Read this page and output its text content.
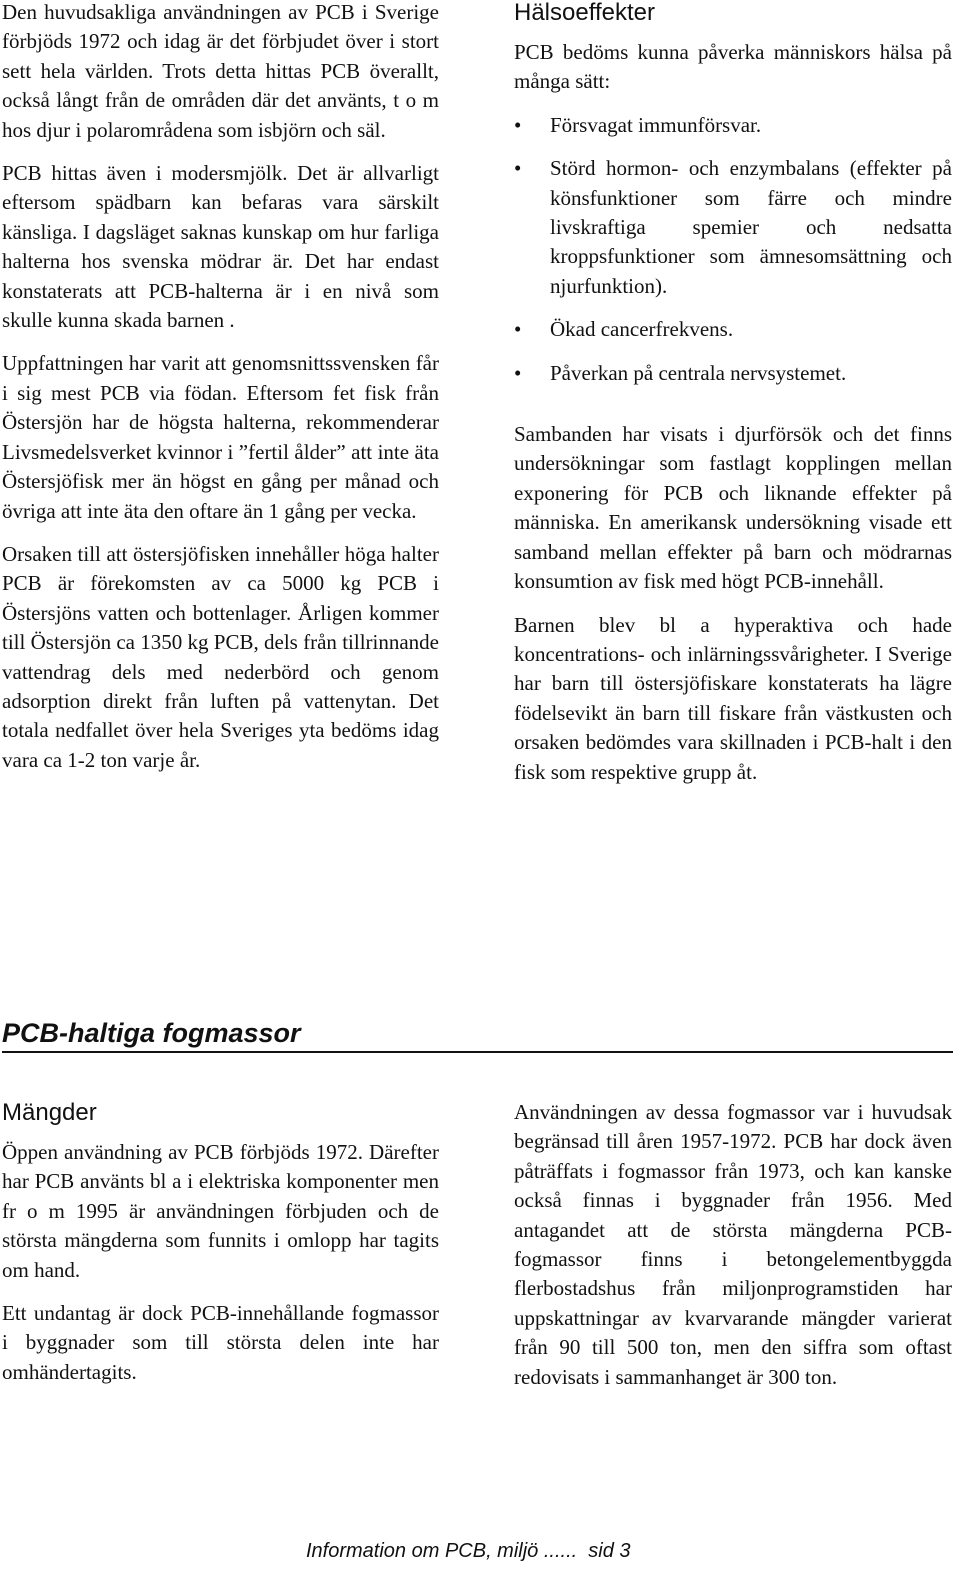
Den huvudsakliga användningen av PCB i Sverige förbjöds 1972 och idag är det förbjudet över i stort sett hela världen. Trots detta hittas PCB överallt, också långt från de områden där det använts, t o m hos djur i polarområdena som isbjörn och säl.

PCB hittas även i modersmjölk. Det är allvarligt eftersom spädbarn kan befaras vara särskilt känsliga. I dagsläget saknas kunskap om hur farliga halterna hos svenska mödrar är. Det har endast konstaterats att PCB-halterna är i en nivå som skulle kunna skada barnen .

Uppfattningen har varit att genomsnittssvensken får i sig mest PCB via födan. Eftersom fet fisk från Östersjön har de högsta halterna, rekommenderar Livsmedelsverket kvinnor i ”fertil ålder” att inte äta Östersjöfisk mer än högst en gång per månad och övriga att inte äta den oftare än 1 gång per vecka.

Orsaken till att östersjöfisken innehåller höga halter PCB är förekomsten av ca 5000 kg PCB i Östersjöns vatten och bottenlager. Årligen kommer till Östersjön ca 1350 kg PCB, dels från tillrinnande vattendrag dels med nederbörd och genom adsorption direkt från luften på vattenytan. Det totala nedfallet över hela Sveriges yta bedöms idag vara ca 1-2 ton varje år.

Hälsoeffekter

PCB bedöms kunna påverka människors hälsa på många sätt:

• Försvagat immunförsvar.
• Störd hormon- och enzymbalans (effekter på könsfunktioner som färre och mindre livskraftiga spemier och nedsatta kroppsfunktioner som ämnesomsättning och njurfunktion).
• Ökad cancerfrekvens.
• Påverkan på centrala nervsystemet.

Sambanden har visats i djurförsök och det finns undersökningar som fastlagt kopplingen mellan exponering för PCB och liknande effekter på människa. En amerikansk undersökning visade ett samband mellan effekter på barn och mödrarnas konsumtion av fisk med högt PCB-innehåll.

Barnen blev bl a hyperaktiva och hade koncentrations- och inlärningssvårigheter. I Sverige har barn till östersjöfiskare konstaterats ha lägre födelsevikt än barn till fiskare från västkusten och orsaken bedömdes vara skillnaden i PCB-halt i den fisk som respektive grupp åt.

PCB-haltiga fogmassor
Mängder

Öppen användning av PCB förbjöds 1972. Därefter har PCB använts bl a i elektriska komponenter men fr o m 1995 är användningen förbjuden och de största mängderna som funnits i omlopp har tagits om hand.

Ett undantag är dock PCB-innehållande fogmassor i byggnader som till största delen inte har omhändertagits.

Användningen av dessa fogmassor var i huvudsak begränsad till åren 1957-1972. PCB har dock även påträffats i fogmassor från 1973, och kan kanske också finnas i byggnader från 1956. Med antagandet att de största mängderna PCB-fogmassor finns i betongelementbyggda flerbostadshus från miljonprogramstiden har uppskattningar av kvarvarande mängder varierat från 90 till 500 ton, men den siffra som oftast redovisats i sammanhanget är 300 ton.

Information om PCB, miljö ......  sid 3
